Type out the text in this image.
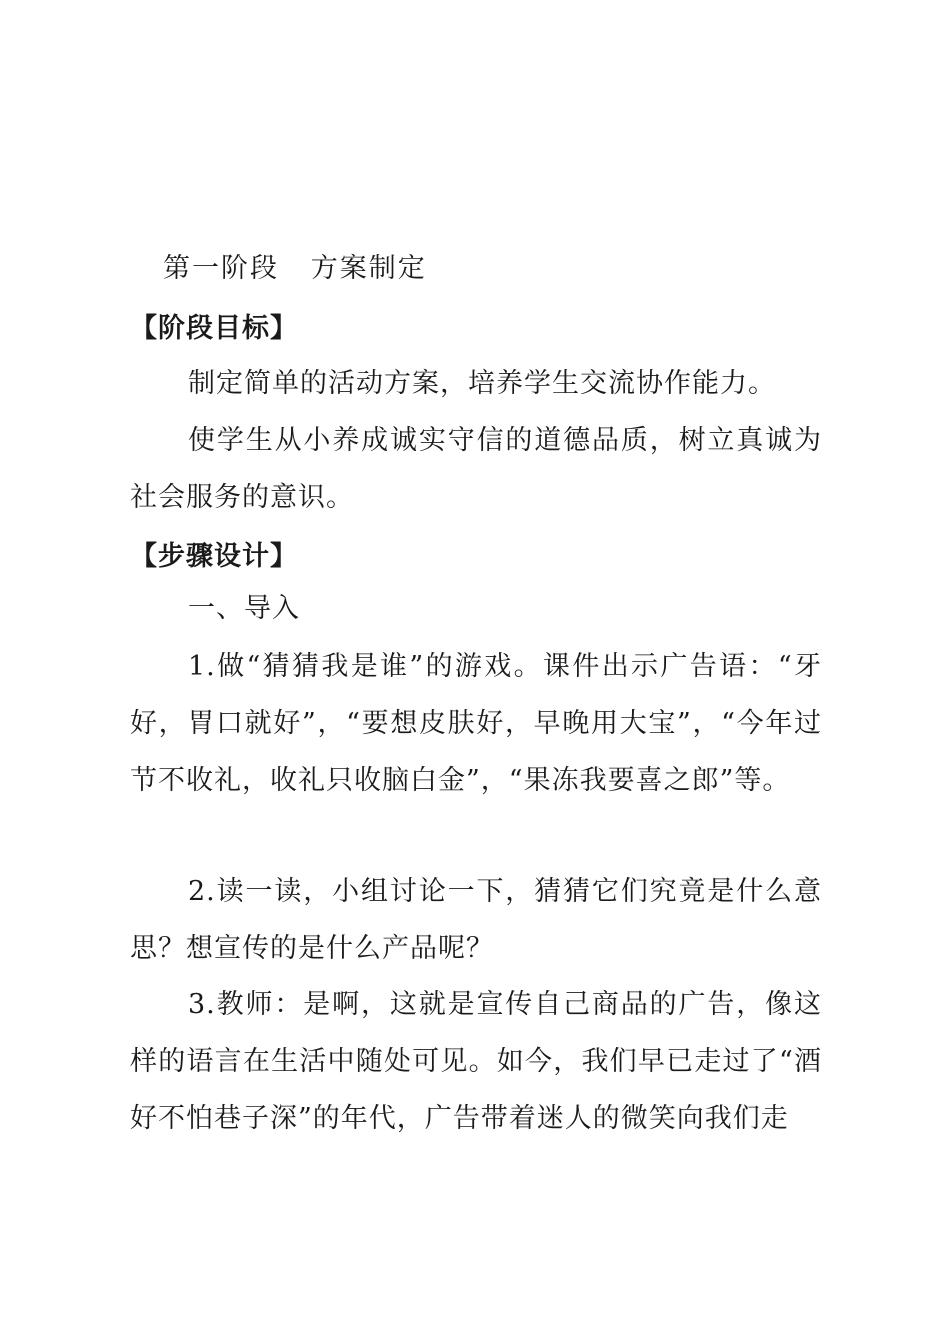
第一阶段   方案制定
【阶段目标】
制定简单的活动方案，培养学生交流协作能力。
使学生从小养成诚实守信的道德品质，树立真诚为社会服务的意识。
【步骤设计】
一、导入
1.做“猜猜我是谁”的游戏。课件出示广告语：“牙好，胃口就好”，“要想皮肤好，早晚用大宝”，“今年过节不收礼，收礼只收脑白金”，“果冻我要喜之郎”等。
2.读一读，小组讨论一下，猜猜它们究竟是什么意思？想宣传的是什么产品呢？
3.教师：是啊，这就是宣传自己商品的广告，像这样的语言在生活中随处可见。如今，我们早已走过了“酒好不怕巷子深”的年代，广告带着迷人的微笑向我们走
